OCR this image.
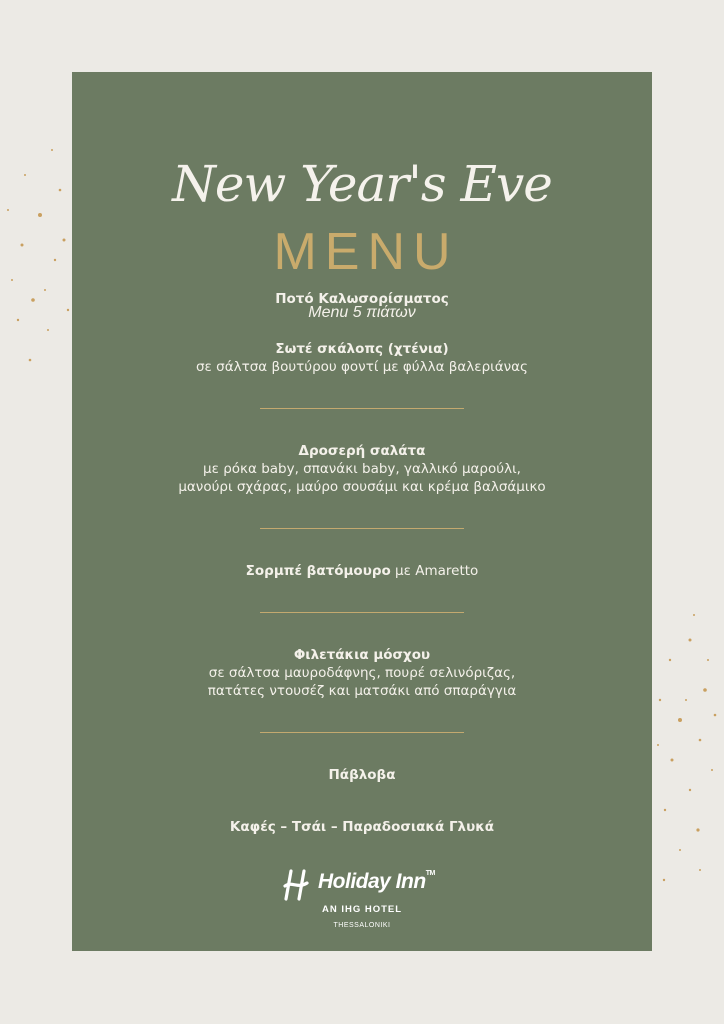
New Year's Eve
MENU
Menu 5 πιάτων
Ποτό Καλωσορίσματος
Σωτέ σκάλοπς (χτένια)
σε σάλτσα βουτύρου φοντί με φύλλα βαλεριάνας
Δροσερή σαλάτα
με ρόκα baby, σπανάκι baby, γαλλικό μαρούλι,
μανούρι σχάρας, μαύρο σουσάμι και κρέμα βαλσάμικο
Σορμπέ βατόμουρο με Amaretto
Φιλετάκια μόσχου
σε σάλτσα μαυροδάφνης, πουρέ σελινόριζας,
πατάτες ντουσέζ και ματσάκι από σπαράγγια
Πάβλοβα
Καφές – Τσάι – Παραδοσιακά Γλυκά
Holiday Inn™
AN IHG HOTEL
THESSALONIKI
